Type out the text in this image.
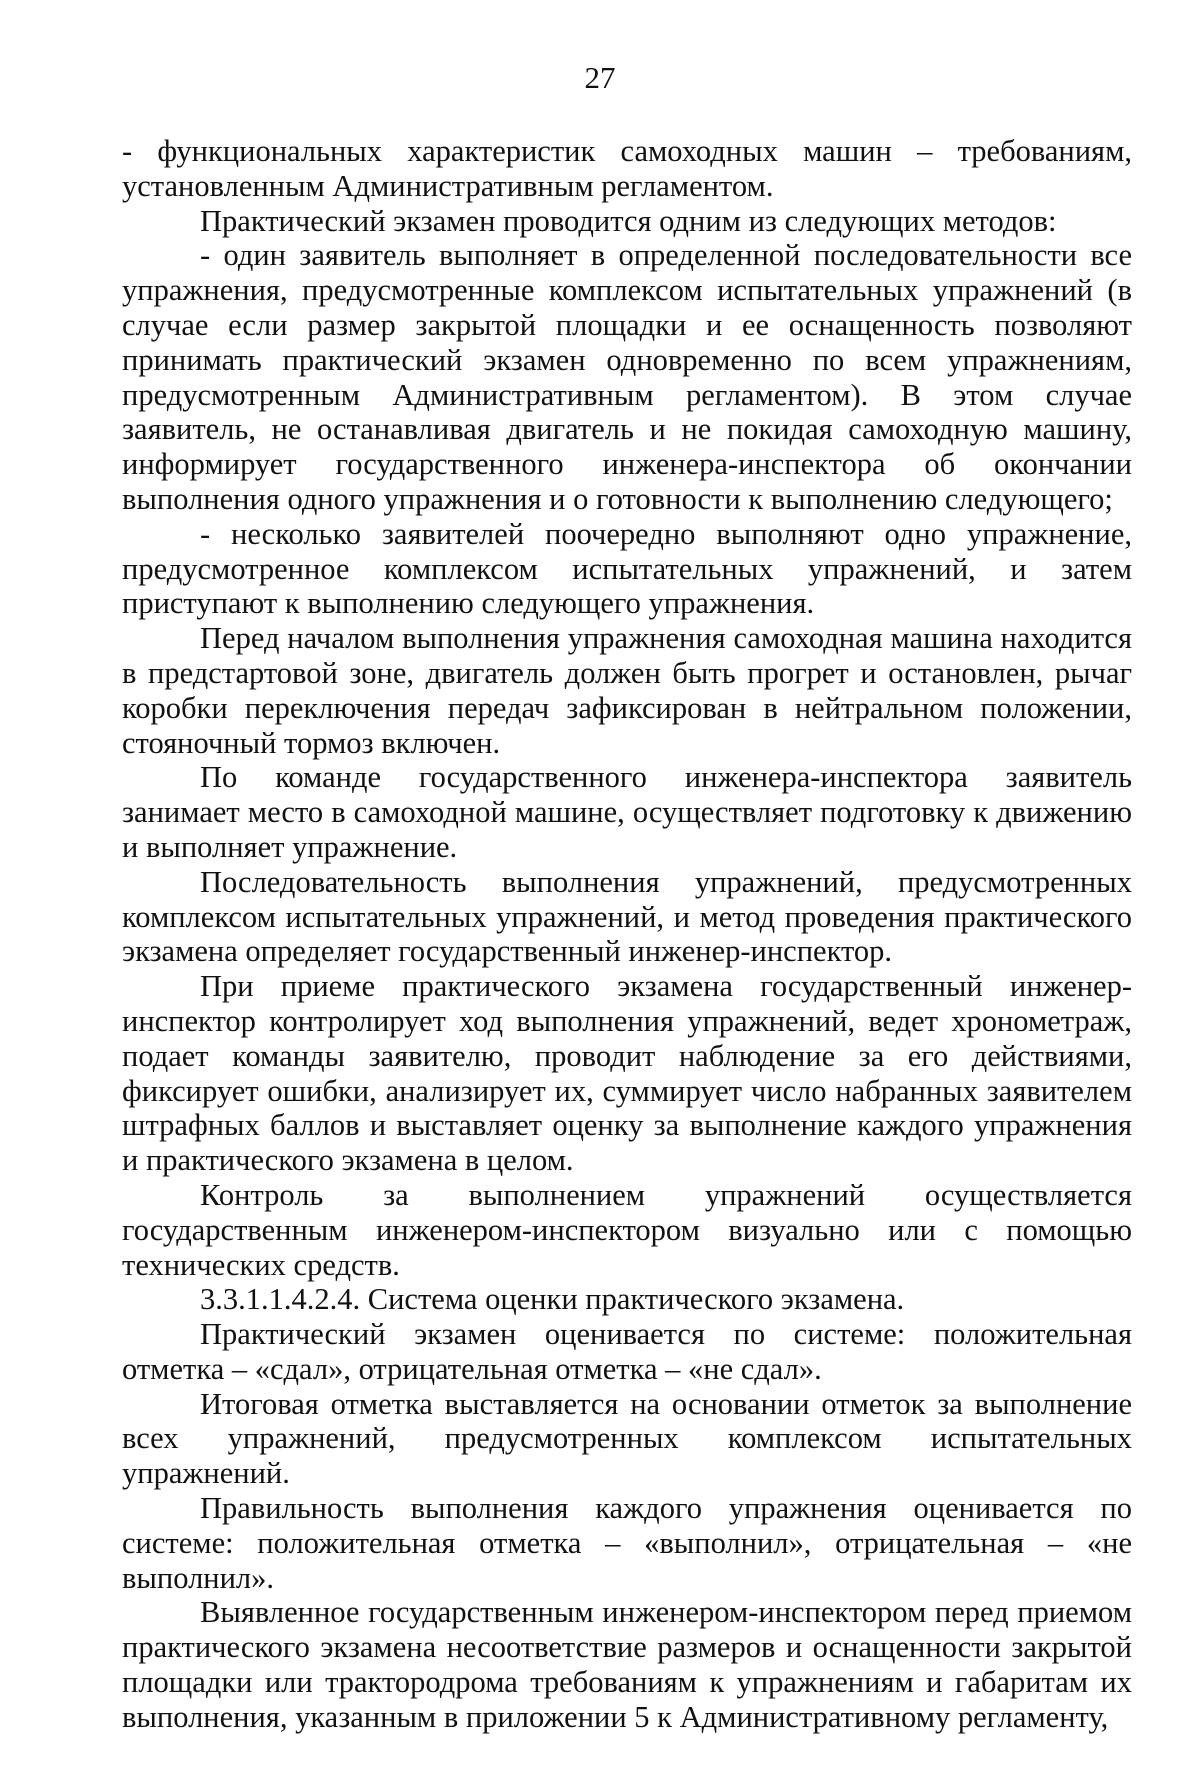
27

- функциональных характеристик самоходных машин – требованиям, установленным Административным регламентом.

Практический экзамен проводится одним из следующих методов:

- один заявитель выполняет в определенной последовательности все упражнения, предусмотренные комплексом испытательных упражнений (в случае если размер закрытой площадки и ее оснащенность позволяют принимать практический экзамен одновременно по всем упражнениям, предусмотренным Административным регламентом). В этом случае заявитель, не останавливая двигатель и не покидая самоходную машину, информирует государственного инженера-инспектора об окончании выполнения одного упражнения и о готовности к выполнению следующего;

- несколько заявителей поочередно выполняют одно упражнение, предусмотренное комплексом испытательных упражнений, и затем приступают к выполнению следующего упражнения.

Перед началом выполнения упражнения самоходная машина находится в предстартовой зоне, двигатель должен быть прогрет и остановлен, рычаг коробки переключения передач зафиксирован в нейтральном положении, стояночный тормоз включен.

По команде государственного инженера-инспектора заявитель занимает место в самоходной машине, осуществляет подготовку к движению и выполняет упражнение.

Последовательность выполнения упражнений, предусмотренных комплексом испытательных упражнений, и метод проведения практического экзамена определяет государственный инженер-инспектор.

При приеме практического экзамена государственный инженер-инспектор контролирует ход выполнения упражнений, ведет хронометраж, подает команды заявителю, проводит наблюдение за его действиями, фиксирует ошибки, анализирует их, суммирует число набранных заявителем штрафных баллов и выставляет оценку за выполнение каждого упражнения и практического экзамена в целом.

Контроль за выполнением упражнений осуществляется государственным инженером-инспектором визуально или с помощью технических средств.

3.3.1.1.4.2.4. Система оценки практического экзамена.

Практический экзамен оценивается по системе: положительная отметка – «сдал», отрицательная отметка – «не сдал».

Итоговая отметка выставляется на основании отметок за выполнение всех упражнений, предусмотренных комплексом испытательных упражнений.

Правильность выполнения каждого упражнения оценивается по системе: положительная отметка – «выполнил», отрицательная – «не выполнил».

Выявленное государственным инженером-инспектором перед приемом практического экзамена несоответствие размеров и оснащенности закрытой площадки или трактородрома требованиям к упражнениям и габаритам их выполнения, указанным в приложении 5 к Административному регламенту,
